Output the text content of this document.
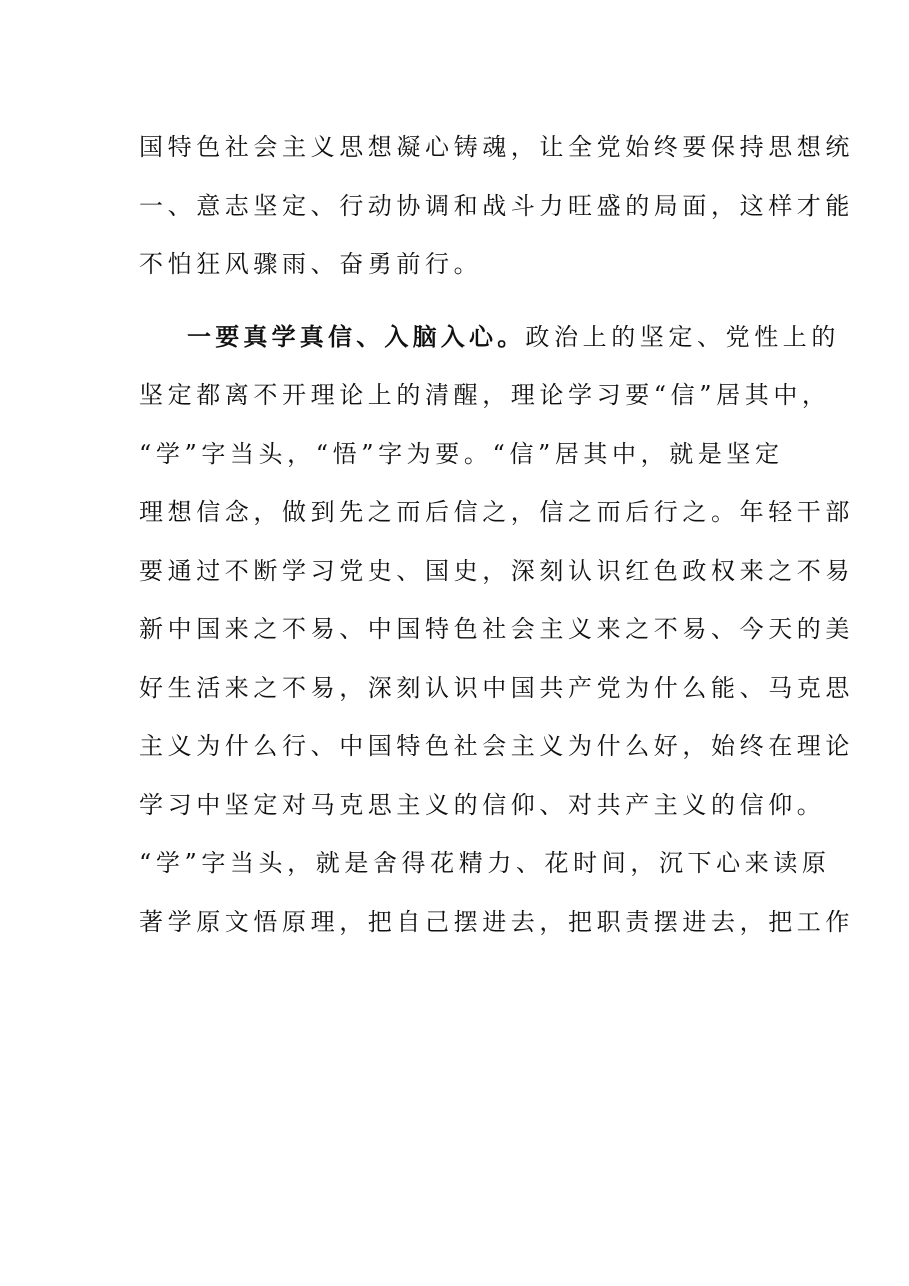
国特色社会主义思想凝心铸魂，让全党始终要保持思想统
一、意志坚定、行动协调和战斗力旺盛的局面，这样才能
不怕狂风骤雨、奋勇前行。
一要真学真信、入脑入心。政治上的坚定、党性上的
坚定都离不开理论上的清醒，理论学习要“信”居其中，
“学”字当头，“悟”字为要。“信”居其中，就是坚定
理想信念，做到先之而后信之，信之而后行之。年轻干部
要通过不断学习党史、国史，深刻认识红色政权来之不易
新中国来之不易、中国特色社会主义来之不易、今天的美
好生活来之不易，深刻认识中国共产党为什么能、马克思
主义为什么行、中国特色社会主义为什么好，始终在理论
学习中坚定对马克思主义的信仰、对共产主义的信仰。
“学”字当头，就是舍得花精力、花时间，沉下心来读原
著学原文悟原理，把自己摆进去，把职责摆进去，把工作
